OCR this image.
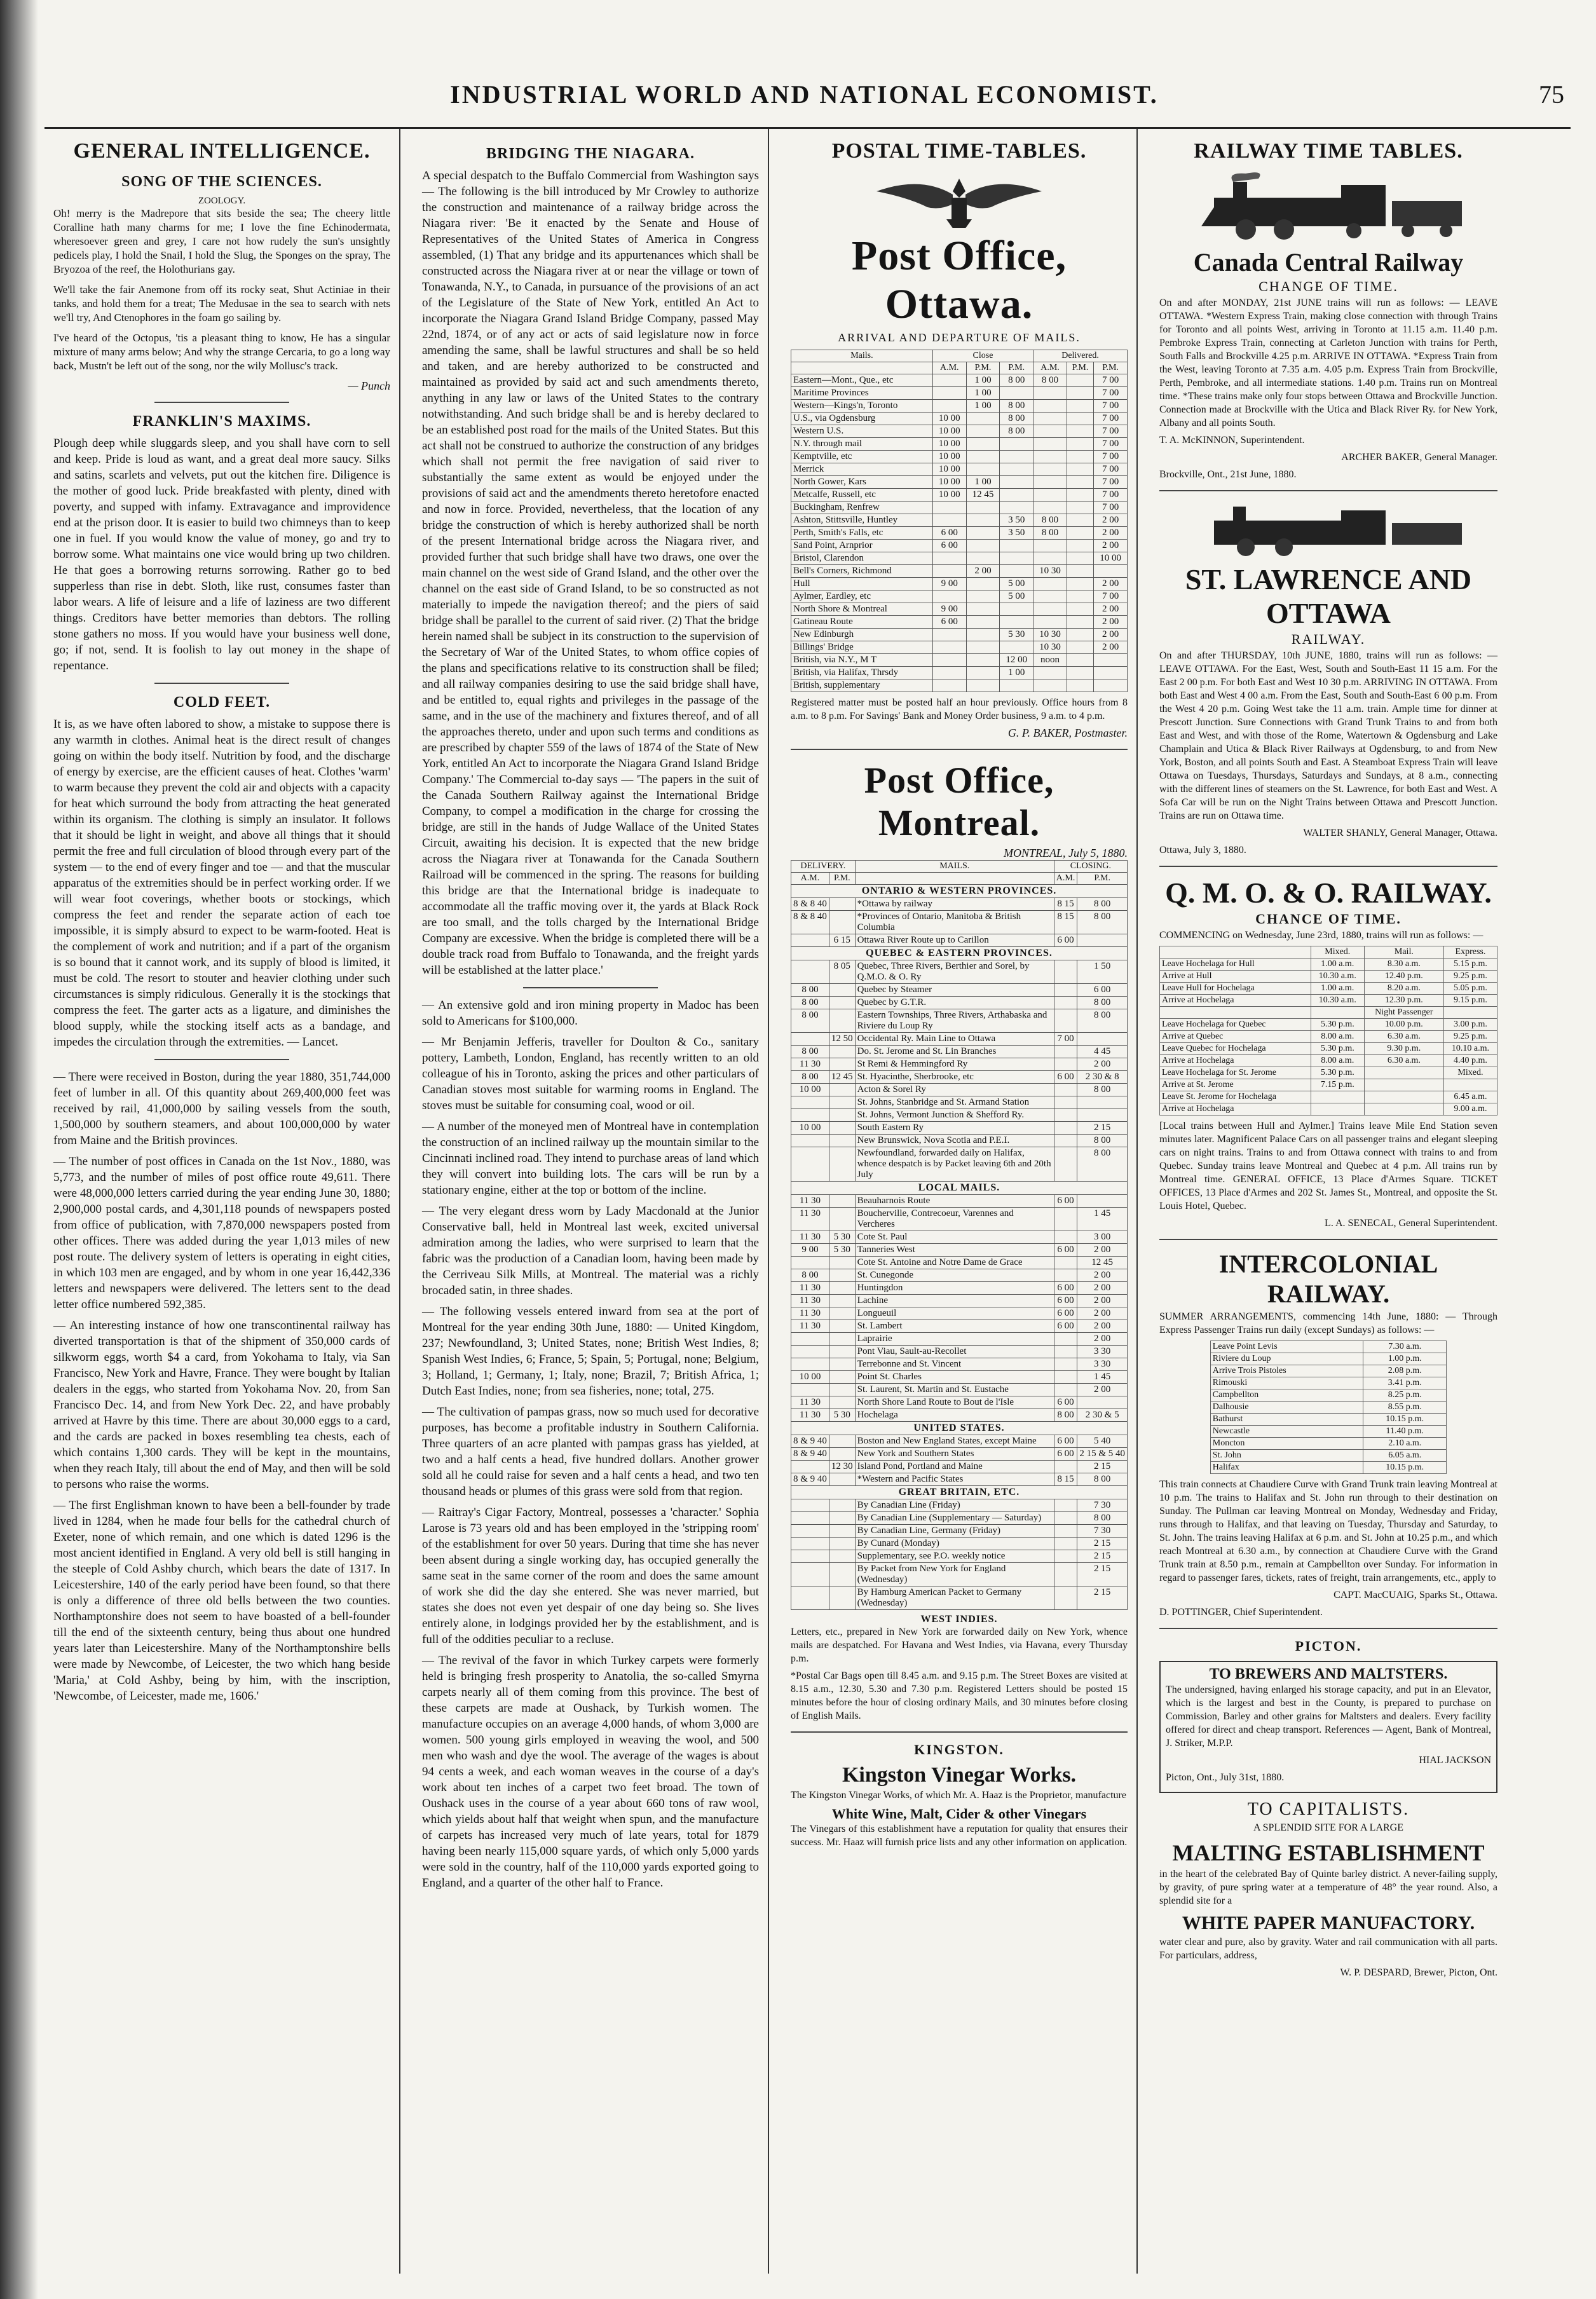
INDUSTRIAL WORLD AND NATIONAL ECONOMIST.	75
GENERAL INTELLIGENCE.
SONG OF THE SCIENCES.
ZOOLOGY.

Oh! merry is the Madrepore that sits beside the sea; The cheery little Coralline hath many charms for me; I love the fine Echinodermata, wheresoever green and grey, I care not how rudely the sun's unsightly pedicels play, I hold the Snail, I hold the Slug, the Sponges on the spray, The Bryozoa of the reef, the Holothurians gay.

We'll take the fair Anemone from off its rocky seat, Shut Actiniae in their tanks, and hold them for a treat; The Medusae in the sea to search with nets we'll try, And Ctenophores in the foam go sailing by.

I've heard of the Octopus, 'tis a pleasant thing to know, He has a singular mixture of many arms below; And why the strange Cercaria, to go a long way back, Mustn't be left out of the song, nor the wily Mollusc's track.

— Punch
FRANKLIN'S MAXIMS.

Plough deep while sluggards sleep, and you shall have corn to sell and keep. Pride is loud as want, and a great deal more saucy. Silks and satins, scarlets and velvets, put out the kitchen fire. Diligence is the mother of good luck. Pride breakfasted with plenty, dined with poverty, and supped with infamy. Extravagance and improvidence end at the prison door. It is easier to build two chimneys than to keep one in fuel. If you would know the value of money, go and try to borrow some. What maintains one vice would bring up two children. He that goes a borrowing returns sorrowing. Rather go to bed supperless than rise in debt. Sloth, like rust, consumes faster than labor wears. A life of leisure and a life of laziness are two different things. Creditors have better memories than debtors. The rolling stone gathers no moss. If you would have your business well done, go; if not, send. It is foolish to lay out money in the shape of repentance.

COLD FEET.

It is, as we have often labored to show, a mistake to suppose there is any warmth in clothes. Animal heat is the direct result of changes going on within the body itself. Nutrition by food, and the discharge of energy by exercise, are the efficient causes of heat. Clothes 'warm' to warm because they prevent the cold air and objects with a capacity for heat which surround the body from attracting the heat generated within its organism. The clothing is simply an insulator. It follows that it should be light in weight, and above all things that it should permit the free and full circulation of blood through every part of the system — to the end of every finger and toe — and that the muscular apparatus of the extremities should be in perfect working order. If we will wear foot coverings, whether boots or stockings, which compress the feet and render the separate action of each toe impossible, it is simply absurd to expect to be warm-footed. Heat is the complement of work and nutrition; and if a part of the organism is so bound that it cannot work, and its supply of blood is limited, it must be cold. The resort to stouter and heavier clothing under such circumstances is simply ridiculous. Generally it is the stockings that compress the feet. The garter acts as a ligature, and diminishes the blood supply, while the stocking itself acts as a bandage, and impedes the circulation through the extremities. — Lancet.

— There were received in Boston, during the year 1880, 351,744,000 feet of lumber in all. Of this quantity about 269,400,000 feet was received by rail, 41,000,000 by sailing vessels from the south, 1,500,000 by southern steamers, and about 100,000,000 by water from Maine and the British provinces.

— The number of post offices in Canada on the 1st Nov., 1880, was 5,773, and the number of miles of post office route 49,611. There were 48,000,000 letters carried during the year ending June 30, 1880; 2,900,000 postal cards, and 4,301,118 pounds of newspapers posted from office of publication, with 7,870,000 newspapers posted from other offices. There was added during the year 1,013 miles of new post route. The delivery system of letters is operating in eight cities, in which 103 men are engaged, and by whom in one year 16,442,336 letters and newspapers were delivered. The letters sent to the dead letter office numbered 592,385.

— An interesting instance of how one transcontinental railway has diverted transportation is that of the shipment of 350,000 cards of silkworm eggs, worth $4 a card, from Yokohama to Italy, via San Francisco, New York and Havre, France. They were bought by Italian dealers in the eggs, who started from Yokohama Nov. 20, from San Francisco Dec. 14, and from New York Dec. 22, and have probably arrived at Havre by this time. There are about 30,000 eggs to a card, and the cards are packed in boxes resembling tea chests, each of which contains 1,300 cards. They will be kept in the mountains, when they reach Italy, till about the end of May, and then will be sold to persons who raise the worms.

— The first Englishman known to have been a bell-founder by trade lived in 1284, when he made four bells for the cathedral church of Exeter, none of which remain, and one which is dated 1296 is the most ancient identified in England. A very old bell is still hanging in the steeple of Cold Ashby church, which bears the date of 1317. In Leicestershire, 140 of the early period have been found, so that there is only a difference of three old bells between the two counties. Northamptonshire does not seem to have boasted of a bell-founder till the end of the sixteenth century, being thus about one hundred years later than Leicestershire. Many of the Northamptonshire bells were made by Newcombe, of Leicester, the two which hang beside 'Maria,' at Cold Ashby, being by him, with the inscription, 'Newcombe, of Leicester, made me, 1606.'

BRIDGING THE NIAGARA.

A special despatch to the Buffalo Commercial from Washington says — The following is the bill introduced by Mr Crowley to authorize the construction and maintenance of a railway bridge across the Niagara river: 'Be it enacted by the Senate and House of Representatives of the United States of America in Congress assembled, (1) That any bridge and its appurtenances which shall be constructed across the Niagara river at or near the village or town of Tonawanda, N.Y., to Canada, in pursuance of the provisions of an act of the Legislature of the State of New York, entitled An Act to incorporate the Niagara Grand Island Bridge Company, passed May 22nd, 1874, or of any act or acts of said legislature now in force amending the same, shall be lawful structures and shall be so held and taken, and are hereby authorized to be constructed and maintained as provided by said act and such amendments thereto, anything in any law or laws of the United States to the contrary notwithstanding. And such bridge shall be and is hereby declared to be an established post road for the mails of the United States. But this act shall not be construed to authorize the construction of any bridges which shall not permit the free navigation of said river to substantially the same extent as would be enjoyed under the provisions of said act and the amendments thereto heretofore enacted and now in force. Provided, nevertheless, that the location of any bridge the construction of which is hereby authorized shall be north of the present International bridge across the Niagara river, and provided further that such bridge shall have two draws, one over the main channel on the west side of Grand Island, and the other over the channel on the east side of Grand Island, to be so constructed as not materially to impede the navigation thereof; and the piers of said bridge shall be parallel to the current of said river. (2) That the bridge herein named shall be subject in its construction to the supervision of the Secretary of War of the United States, to whom office copies of the plans and specifications relative to its construction shall be filed; and all railway companies desiring to use the said bridge shall have, and be entitled to, equal rights and privileges in the passage of the same, and in the use of the machinery and fixtures thereof, and of all the approaches thereto, under and upon such terms and conditions as are prescribed by chapter 559 of the laws of 1874 of the State of New York, entitled An Act to incorporate the Niagara Grand Island Bridge Company.' The Commercial to-day says — 'The papers in the suit of the Canada Southern Railway against the International Bridge Company, to compel a modification in the charge for crossing the bridge, are still in the hands of Judge Wallace of the United States Circuit, awaiting his decision. It is expected that the new bridge across the Niagara river at Tonawanda for the Canada Southern Railroad will be commenced in the spring. The reasons for building this bridge are that the International bridge is inadequate to accommodate all the traffic moving over it, the yards at Black Rock are too small, and the tolls charged by the International Bridge Company are excessive. When the bridge is completed there will be a double track road from Buffalo to Tonawanda, and the freight yards will be established at the latter place.'

— An extensive gold and iron mining property in Madoc has been sold to Americans for $100,000.

— Mr Benjamin Jefferis, traveller for Doulton & Co., sanitary pottery, Lambeth, London, England, has recently written to an old colleague of his in Toronto, asking the prices and other particulars of Canadian stoves most suitable for warming rooms in England. The stoves must be suitable for consuming coal, wood or oil.

— A number of the moneyed men of Montreal have in contemplation the construction of an inclined railway up the mountain similar to the Cincinnati inclined road. They intend to purchase areas of land which they will convert into building lots. The cars will be run by a stationary engine, either at the top or bottom of the incline.

— The very elegant dress worn by Lady Macdonald at the Junior Conservative ball, held in Montreal last week, excited universal admiration among the ladies, who were surprised to learn that the fabric was the production of a Canadian loom, having been made by the Cerriveau Silk Mills, at Montreal. The material was a richly brocaded satin, in three shades.

— The following vessels entered inward from sea at the port of Montreal for the year ending 30th June, 1880: — United Kingdom, 237; Newfoundland, 3; United States, none; British West Indies, 8; Spanish West Indies, 6; France, 5; Spain, 5; Portugal, none; Belgium, 3; Holland, 1; Germany, 1; Italy, none; Brazil, 7; British Africa, 1; Dutch East Indies, none; from sea fisheries, none; total, 275.

— The cultivation of pampas grass, now so much used for decorative purposes, has become a profitable industry in Southern California. Three quarters of an acre planted with pampas grass has yielded, at two and a half cents a head, five hundred dollars. Another grower sold all he could raise for seven and a half cents a head, and two ten thousand heads or plumes of this grass were sold from that region.

— Raitray's Cigar Factory, Montreal, possesses a 'character.' Sophia Larose is 73 years old and has been employed in the 'stripping room' of the establishment for over 50 years. During that time she has never been absent during a single working day, has occupied generally the same seat in the same corner of the room and does the same amount of work she did the day she entered. She was never married, but states she does not even yet despair of one day being so. She lives entirely alone, in lodgings provided her by the establishment, and is full of the oddities peculiar to a recluse.

— The revival of the favor in which Turkey carpets were formerly held is bringing fresh prosperity to Anatolia, the so-called Smyrna carpets nearly all of them coming from this province. The best of these carpets are made at Oushack, by Turkish women. The manufacture occupies on an average 4,000 hands, of whom 3,000 are women. 500 young girls employed in weaving the wool, and 500 men who wash and dye the wool. The average of the wages is about 94 cents a week, and each woman weaves in the course of a day's work about ten inches of a carpet two feet broad. The town of Oushack uses in the course of a year about 660 tons of raw wool, which yields about half that weight when spun, and the manufacture of carpets has increased very much of late years, total for 1879 having been nearly 115,000 square yards, of which only 5,000 yards were sold in the country, half of the 110,000 yards exported going to England, and a quarter of the other half to France.

POSTAL TIME-TABLES.
Post Office, Ottawa.
ARRIVAL AND DEPARTURE OF MAILS.
Mails.	Close			Delivered.		
	A.M.	P.M.	P.M.	A.M.	P.M.	P.M.
Eastern—Mont., Que., etc		1 00	8 00	8 00		7 00
Maritime Provinces		1 00				7 00
Western—Kings'n, Toronto		1 00	8 00			7 00
U.S., via Ogdensburg	10 00		8 00			7 00
Western U.S.	10 00		8 00			7 00
N.Y. through mail	10 00					7 00
Kemptville, etc	10 00					7 00
Merrick	10 00					7 00
North Gower, Kars	10 00	1 00				7 00
Metcalfe, Russell, etc	10 00	12 45				7 00
Buckingham, Renfrew						7 00
Ashton, Stittsville, Huntley			3 50	8 00		2 00
Perth, Smith's Falls, etc	6 00		3 50	8 00		2 00
Sand Point, Arnprior	6 00					2 00
Bristol, Clarendon						10 00
Bell's Corners, Richmond		2 00		10 30		
Hull	9 00		5 00			2 00
Aylmer, Eardley, etc			5 00			7 00
North Shore & Montreal	9 00					2 00
Gatineau Route	6 00					2 00
New Edinburgh			5 30	10 30		2 00
Billings' Bridge				10 30		2 00
British, via N.Y., M T			12 00	noon		
British, via Halifax, Thrsdy			1 00			
British, supplementary						

Registered matter must be posted half an hour previously. Office hours from 8 a.m. to 8 p.m. For Savings' Bank and Money Order business, 9 a.m. to 4 p.m.

G. P. BAKER, Postmaster.
Post Office, Montreal.
MONTREAL, July 5, 1880.
DELIVERY.		MAILS.	CLOSING.	
A.M.	P.M.		A.M.	P.M.
ONTARIO & WESTERN PROVINCES.				
8 & 8 40		*Ottawa by railway	8 15	8 00
8 & 8 40		*Provinces of Ontario, Manitoba & British Columbia	8 15	8 00
	6 15	Ottawa River Route up to Carillon	6 00	
QUEBEC & EASTERN PROVINCES.				
	8 05	Quebec, Three Rivers, Berthier and Sorel, by Q.M.O. & O. Ry		1 50
8 00		Quebec by Steamer		6 00
8 00		Quebec by G.T.R.		8 00
8 00		Eastern Townships, Three Rivers, Arthabaska and Riviere du Loup Ry		8 00
	12 50	Occidental Ry. Main Line to Ottawa	7 00	
8 00		Do. St. Jerome and St. Lin Branches		4 45
11 30		St Remi & Hemmingford Ry		2 00
8 00	12 45	St. Hyacinthe, Sherbrooke, etc	6 00	2 30 & 8
10 00		Acton & Sorel Ry		8 00
		St. Johns, Stanbridge and St. Armand Station		
		St. Johns, Vermont Junction & Shefford Ry.		
10 00		South Eastern Ry		2 15
		New Brunswick, Nova Scotia and P.E.I.		8 00
		Newfoundland, forwarded daily on Halifax, whence despatch is by Packet leaving 6th and 20th July		8 00
LOCAL MAILS.				
11 30		Beauharnois Route	6 00	
11 30		Boucherville, Contrecoeur, Varennes and Vercheres		1 45
11 30	5 30	Cote St. Paul		3 00
9 00	5 30	Tanneries West	6 00	2 00
		Cote St. Antoine and Notre Dame de Grace		12 45
8 00		St. Cunegonde		2 00
11 30		Huntingdon	6 00	2 00
11 30		Lachine	6 00	2 00
11 30		Longueuil	6 00	2 00
11 30		St. Lambert	6 00	2 00
		Laprairie		2 00
		Pont Viau, Sault-au-Recollet		3 30
		Terrebonne and St. Vincent		3 30
10 00		Point St. Charles		1 45
		St. Laurent, St. Martin and St. Eustache		2 00
11 30		North Shore Land Route to Bout de l'Isle	6 00	
11 30	5 30	Hochelaga	8 00	2 30 & 5
UNITED STATES.				
8 & 9 40		Boston and New England States, except Maine	6 00	5 40
8 & 9 40		New York and Southern States	6 00	2 15 & 5 40
	12 30	Island Pond, Portland and Maine		2 15
8 & 9 40		*Western and Pacific States	8 15	8 00
GREAT BRITAIN, ETC.				
		By Canadian Line (Friday)		7 30
		By Canadian Line (Supplementary — Saturday)		8 00
		By Canadian Line, Germany (Friday)		7 30
		By Cunard (Monday)		2 15
		Supplementary, see P.O. weekly notice		2 15
		By Packet from New York for England (Wednesday)		2 15
		By Hamburg American Packet to Germany (Wednesday)		2 15
WEST INDIES.

Letters, etc., prepared in New York are forwarded daily on New York, whence mails are despatched. For Havana and West Indies, via Havana, every Thursday p.m.

*Postal Car Bags open till 8.45 a.m. and 9.15 p.m. The Street Boxes are visited at 8.15 a.m., 12.30, 5.30 and 7.30 p.m. Registered Letters should be posted 15 minutes before the hour of closing ordinary Mails, and 30 minutes before closing of English Mails.

KINGSTON.
Kingston Vinegar Works.

The Kingston Vinegar Works, of which Mr. A. Haaz is the Proprietor, manufacture

White Wine, Malt, Cider & other Vinegars

The Vinegars of this establishment have a reputation for quality that ensures their success. Mr. Haaz will furnish price lists and any other information on application.

RAILWAY TIME TABLES.
Canada Central Railway
CHANGE OF TIME.

On and after MONDAY, 21st JUNE trains will run as follows: — LEAVE OTTAWA. *Western Express Train, making close connection with through Trains for Toronto and all points West, arriving in Toronto at 11.15 a.m. 11.40 p.m. Pembroke Express Train, connecting at Carleton Junction with trains for Perth, South Falls and Brockville 4.25 p.m. ARRIVE IN OTTAWA. *Express Train from the West, leaving Toronto at 7.35 a.m. 4.05 p.m. Express Train from Brockville, Perth, Pembroke, and all intermediate stations. 1.40 p.m. Trains run on Montreal time. *These trains make only four stops between Ottawa and Brockville Junction. Connection made at Brockville with the Utica and Black River Ry. for New York, Albany and all points South.

T. A. McKINNON, Superintendent.
ARCHER BAKER, General Manager.
Brockville, Ont., 21st June, 1880.
ST. LAWRENCE AND OTTAWA
RAILWAY.

On and after THURSDAY, 10th JUNE, 1880, trains will run as follows: — LEAVE OTTAWA. For the East, West, South and South-East 11 15 a.m. For the East 2 00 p.m. For both East and West 10 30 p.m. ARRIVING IN OTTAWA. From both East and West 4 00 a.m. From the East, South and South-East 6 00 p.m. From the West 4 20 p.m. Going West take the 11 a.m. train. Ample time for dinner at Prescott Junction. Sure Connections with Grand Trunk Trains to and from both East and West, and with those of the Rome, Watertown & Ogdensburg and Lake Champlain and Utica & Black River Railways at Ogdensburg, to and from New York, Boston, and all points South and East. A Steamboat Express Train will leave Ottawa on Tuesdays, Thursdays, Saturdays and Sundays, at 8 a.m., connecting with the different lines of steamers on the St. Lawrence, for both East and West. A Sofa Car will be run on the Night Trains between Ottawa and Prescott Junction. Trains are run on Ottawa time.

WALTER SHANLY, General Manager, Ottawa.
Ottawa, July 3, 1880.
Q. M. O. & O. RAILWAY.
CHANCE OF TIME.

COMMENCING on Wednesday, June 23rd, 1880, trains will run as follows: —

	Mixed.	Mail.	Express.
Leave Hochelaga for Hull	1.00 a.m.	8.30 a.m.	5.15 p.m.
Arrive at Hull	10.30 a.m.	12.40 p.m.	9.25 p.m.
Leave Hull for Hochelaga	1.00 a.m.	8.20 a.m.	5.05 p.m.
Arrive at Hochelaga	10.30 a.m.	12.30 p.m.	9.15 p.m.
		Night Passenger	
Leave Hochelaga for Quebec	5.30 p.m.	10.00 p.m.	3.00 p.m.
Arrive at Quebec	8.00 a.m.	6.30 a.m.	9.25 p.m.
Leave Quebec for Hochelaga	5.30 p.m.	9.30 p.m.	10.10 a.m.
Arrive at Hochelaga	8.00 a.m.	6.30 a.m.	4.40 p.m.
Leave Hochelaga for St. Jerome	5.30 p.m.		Mixed.
Arrive at St. Jerome	7.15 p.m.		
Leave St. Jerome for Hochelaga			6.45 a.m.
Arrive at Hochelaga			9.00 a.m.

[Local trains between Hull and Aylmer.] Trains leave Mile End Station seven minutes later. Magnificent Palace Cars on all passenger trains and elegant sleeping cars on night trains. Trains to and from Ottawa connect with trains to and from Quebec. Sunday trains leave Montreal and Quebec at 4 p.m. All trains run by Montreal time. GENERAL OFFICE, 13 Place d'Armes Square. TICKET OFFICES, 13 Place d'Armes and 202 St. James St., Montreal, and opposite the St. Louis Hotel, Quebec.

L. A. SENECAL, General Superintendent.
INTERCOLONIAL RAILWAY.

SUMMER ARRANGEMENTS, commencing 14th June, 1880: — Through Express Passenger Trains run daily (except Sundays) as follows: —

Leave Point Levis	7.30 a.m.
Riviere du Loup	1.00 p.m.
Arrive Trois Pistoles	2.08 p.m.
Rimouski	3.41 p.m.
Campbellton	8.25 p.m.
Dalhousie	8.55 p.m.
Bathurst	10.15 p.m.
Newcastle	11.40 p.m.
Moncton	2.10 a.m.
St. John	6.05 a.m.
Halifax	10.15 p.m.

This train connects at Chaudiere Curve with Grand Trunk train leaving Montreal at 10 p.m. The trains to Halifax and St. John run through to their destination on Sunday. The Pullman car leaving Montreal on Monday, Wednesday and Friday, runs through to Halifax, and that leaving on Tuesday, Thursday and Saturday, to St. John. The trains leaving Halifax at 6 p.m. and St. John at 10.25 p.m., and which reach Montreal at 6.30 a.m., by connection at Chaudiere Curve with the Grand Trunk train at 8.50 p.m., remain at Campbellton over Sunday. For information in regard to passenger fares, tickets, rates of freight, train arrangements, etc., apply to

CAPT. MacCUAIG, Sparks St., Ottawa.
D. POTTINGER, Chief Superintendent.
PICTON.
TO BREWERS AND MALTSTERS.

The undersigned, having enlarged his storage capacity, and put in an Elevator, which is the largest and best in the County, is prepared to purchase on Commission, Barley and other grains for Maltsters and dealers. Every facility offered for direct and cheap transport. References — Agent, Bank of Montreal, J. Striker, M.P.P.

HIAL JACKSON
Picton, Ont., July 31st, 1880.
TO CAPITALISTS.
A SPLENDID SITE FOR A LARGE
MALTING ESTABLISHMENT

in the heart of the celebrated Bay of Quinte barley district. A never-failing supply, by gravity, of pure spring water at a temperature of 48° the year round. Also, a splendid site for a

WHITE PAPER MANUFACTORY.

water clear and pure, also by gravity. Water and rail communication with all parts. For particulars, address,

W. P. DESPARD, Brewer, Picton, Ont.
